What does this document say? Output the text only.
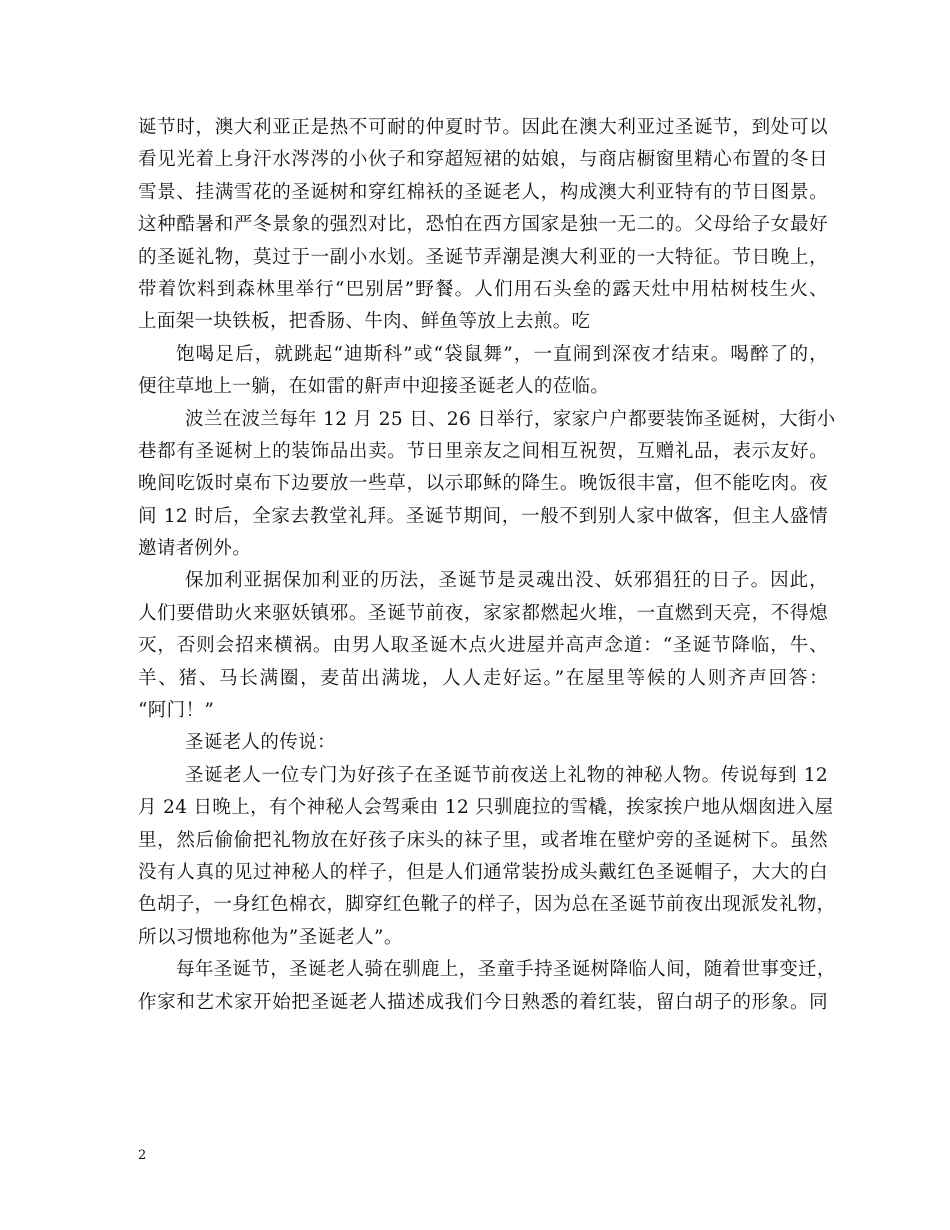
诞节时，澳大利亚正是热不可耐的仲夏时节。因此在澳大利亚过圣诞节，到处可以
看见光着上身汗水涔涔的小伙子和穿超短裙的姑娘，与商店橱窗里精心布置的冬日
雪景、挂满雪花的圣诞树和穿红棉袄的圣诞老人，构成澳大利亚特有的节日图景。
这种酷暑和严冬景象的强烈对比，恐怕在西方国家是独一无二的。父母给子女最好
的圣诞礼物，莫过于一副小水划。圣诞节弄潮是澳大利亚的一大特征。节日晚上，
带着饮料到森林里举行“巴别居”野餐。人们用石头垒的露天灶中用枯树枝生火、
上面架一块铁板，把香肠、牛肉、鲜鱼等放上去煎。吃
饱喝足后，就跳起“迪斯科”或“袋鼠舞”，一直闹到深夜才结束。喝醉了的，
便往草地上一躺，在如雷的鼾声中迎接圣诞老人的莅临。
波兰在波兰每年 12 月 25 日、26 日举行，家家户户都要装饰圣诞树，大街小
巷都有圣诞树上的装饰品出卖。节日里亲友之间相互祝贺，互赠礼品，表示友好。
晚间吃饭时桌布下边要放一些草，以示耶稣的降生。晚饭很丰富，但不能吃肉。夜
间 12 时后，全家去教堂礼拜。圣诞节期间，一般不到别人家中做客，但主人盛情
邀请者例外。
保加利亚据保加利亚的历法，圣诞节是灵魂出没、妖邪猖狂的日子。因此，
人们要借助火来驱妖镇邪。圣诞节前夜，家家都燃起火堆，一直燃到天亮，不得熄
灭，否则会招来横祸。由男人取圣诞木点火进屋并高声念道：“圣诞节降临，牛、
羊、猪、马长满圈，麦苗出满垅，人人走好运。”在屋里等候的人则齐声回答：
“阿门！”
圣诞老人的传说：
圣诞老人一位专门为好孩子在圣诞节前夜送上礼物的神秘人物。传说每到 12
月 24 日晚上，有个神秘人会驾乘由 12 只驯鹿拉的雪橇，挨家挨户地从烟囱进入屋
里，然后偷偷把礼物放在好孩子床头的袜子里，或者堆在壁炉旁的圣诞树下。虽然
没有人真的见过神秘人的样子，但是人们通常装扮成头戴红色圣诞帽子，大大的白
色胡子，一身红色棉衣，脚穿红色靴子的样子，因为总在圣诞节前夜出现派发礼物，
所以习惯地称他为”圣诞老人”。
每年圣诞节，圣诞老人骑在驯鹿上，圣童手持圣诞树降临人间，随着世事变迁，
作家和艺术家开始把圣诞老人描述成我们今日熟悉的着红装，留白胡子的形象。同
2
